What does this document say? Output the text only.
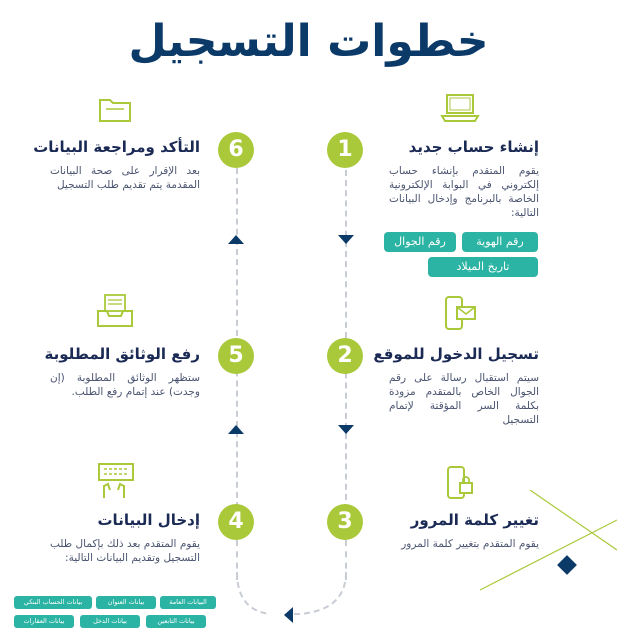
خطوات التسجيل
1
2
3
4
5
6	إنشاء حساب جديد
يقوم المتقدم بإنشاء حساب إلكتروني في البوابة الإلكترونية الخاصة بالبرنامج وإدخال البيانات التالية:
رقم الهوية
رقم الجوال
تاريخ الميلاد
تسجيل الدخول للموقع
سيتم استقبال رسالة على رقم الجوال الخاص بالمتقدم مزودة بكلمة السر المؤقتة لإتمام التسجيل
تغيير كلمة المرور
يقوم المتقدم بتغيير كلمة المرور
التأكد ومراجعة البيانات
بعد الإقرار على صحة البيانات المقدمة يتم تقديم طلب التسجيل
رفع الوثائق المطلوبة
ستظهر الوثائق المطلوبة (إن وجدت) عند إتمام رفع الطلب.
إدخال البيانات
يقوم المتقدم بعد ذلك بإكمال طلب التسجيل وتقديم البيانات التالية:
البيانات العامة
بيانات العنوان
بيانات الحساب البنكي
بيانات العقارات	بيانات الدخل	بيانات التابعين
